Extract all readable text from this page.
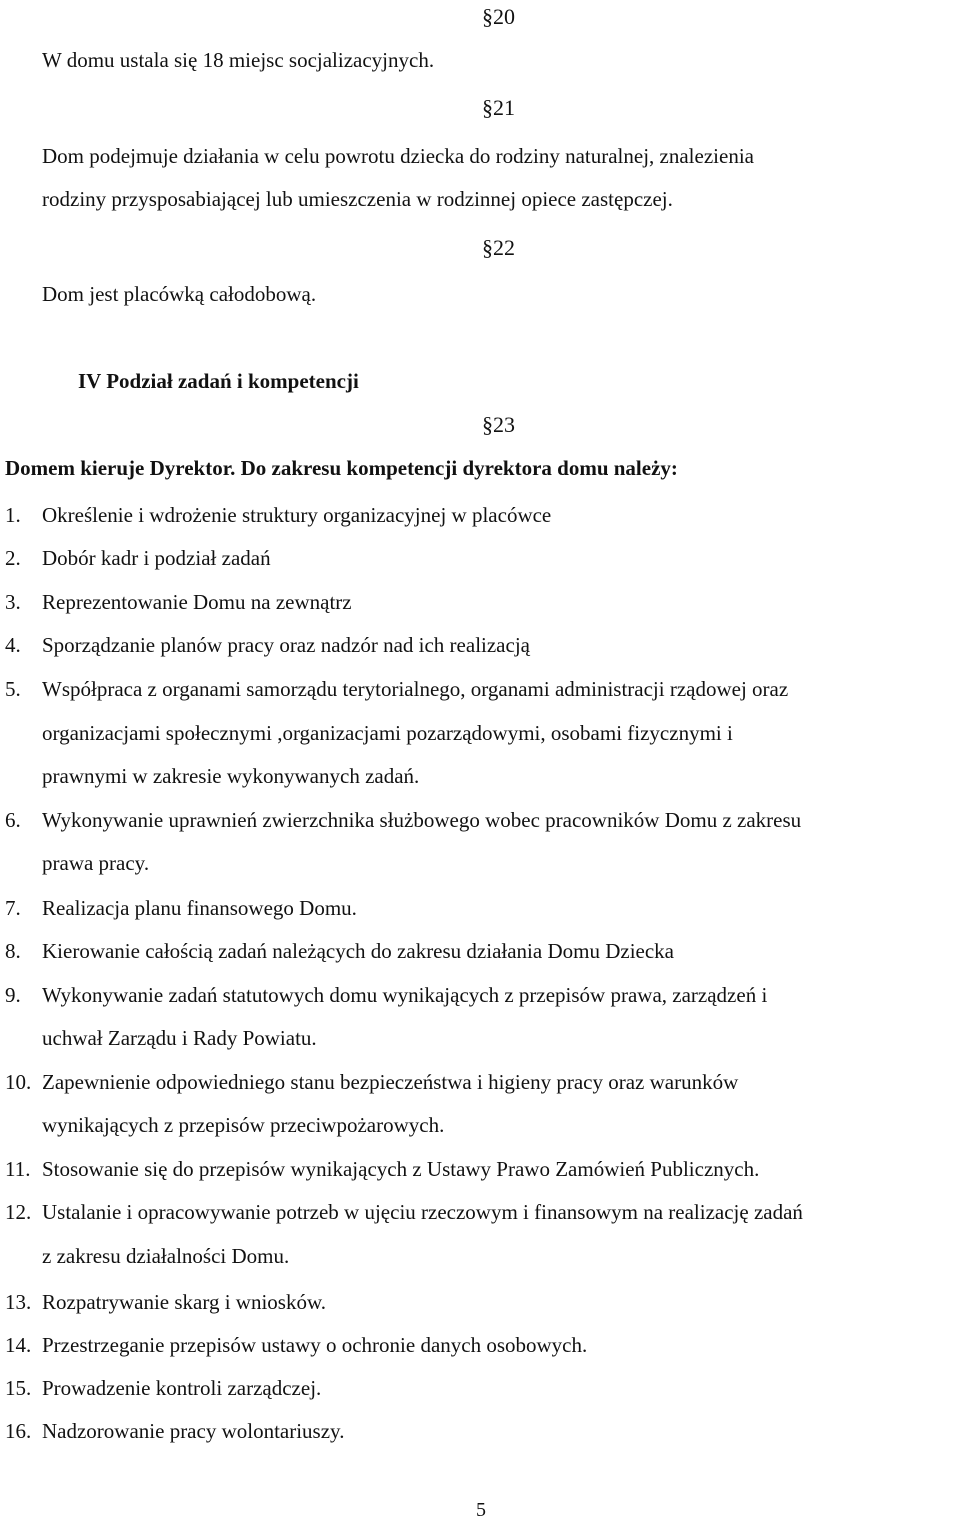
§20
W domu ustala się 18 miejsc socjalizacyjnych.
§21
Dom podejmuje działania w celu powrotu dziecka do rodziny naturalnej, znalezienia
rodziny przysposabiającej lub umieszczenia w rodzinnej opiece zastępczej.
§22
Dom jest placówką całodobową.
IV Podział zadań i kompetencji
§23
Domem kieruje Dyrektor. Do zakresu kompetencji dyrektora domu należy:
1. Określenie i wdrożenie struktury organizacyjnej w placówce
2. Dobór kadr i podział zadań
3. Reprezentowanie Domu na zewnątrz
4. Sporządzanie planów pracy oraz nadzór nad ich realizacją
5. Współpraca z organami samorządu terytorialnego, organami administracji rządowej oraz
organizacjami społecznymi ,organizacjami pozarządowymi, osobami fizycznymi i
prawnymi w zakresie wykonywanych zadań.
6. Wykonywanie uprawnień zwierzchnika służbowego wobec pracowników Domu z zakresu
prawa pracy.
7. Realizacja planu finansowego Domu.
8. Kierowanie całością zadań należących do zakresu działania Domu Dziecka
9. Wykonywanie zadań statutowych domu wynikających z przepisów prawa, zarządzeń i
uchwał Zarządu i Rady Powiatu.
10. Zapewnienie odpowiedniego stanu bezpieczeństwa i higieny pracy oraz warunków
wynikających z przepisów przeciwpożarowych.
11. Stosowanie się do przepisów wynikających z Ustawy Prawo Zamówień Publicznych.
12. Ustalanie i opracowywanie potrzeb w ujęciu rzeczowym i finansowym na realizację zadań
z zakresu działalności Domu.
13. Rozpatrywanie skarg i wniosków.
14. Przestrzeganie przepisów ustawy o ochronie danych osobowych.
15. Prowadzenie kontroli zarządczej.
16. Nadzorowanie pracy wolontariuszy.
5
